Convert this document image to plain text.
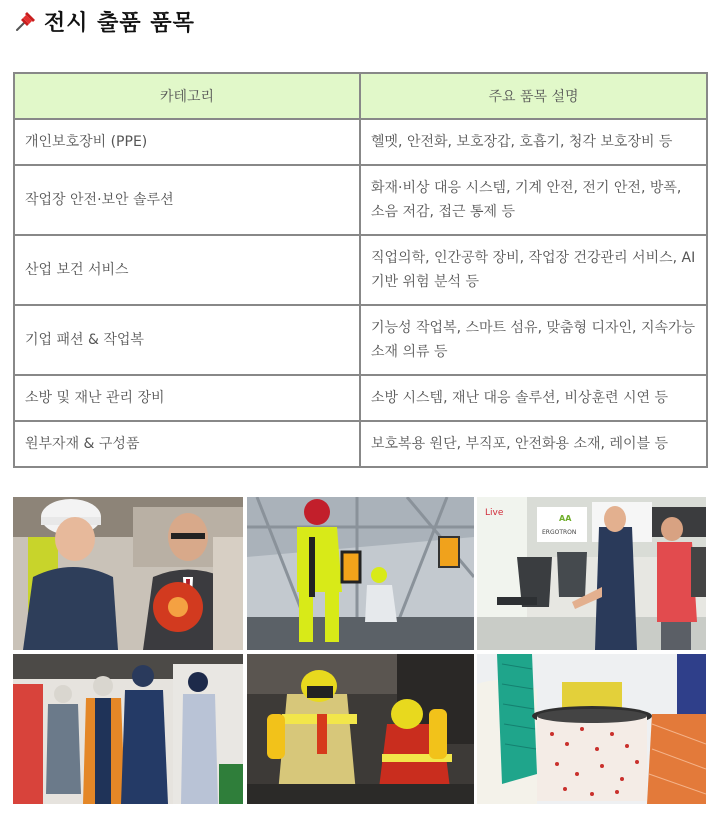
전시 출품 품목
카테고리	주요 품목 설명
개인보호장비 (PPE)	헬멧, 안전화, 보호장갑, 호흡기, 청각 보호장비 등
작업장 안전·보안 솔루션	화재·비상 대응 시스템, 기계 안전, 전기 안전, 방폭, 소음 저감, 접근 통제 등
산업 보건 서비스	직업의학, 인간공학 장비, 작업장 건강관리 서비스, AI 기반 위험 분석 등
기업 패션 & 작업복	기능성 작업복, 스마트 섬유, 맞춤형 디자인, 지속가능 소재 의류 등
소방 및 재난 관리 장비	소방 시스템, 재난 대응 솔루션, 비상훈련 시연 등
원부자재 & 구성품	보호복용 원단, 부직포, 안전화용 소재, 레이블 등
Live
AA
ERGOTRON
